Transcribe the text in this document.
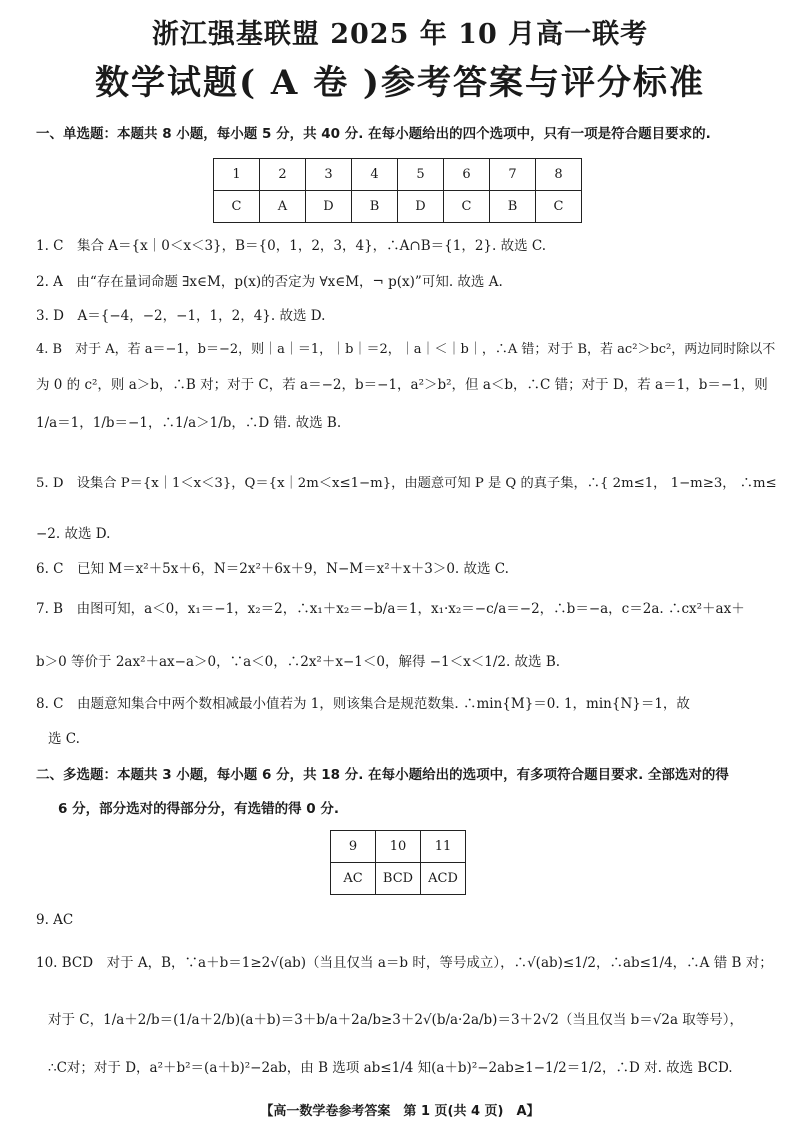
浙江强基联盟 2025 年 10 月高一联考
数学试题( A 卷 )参考答案与评分标准
一、单选题：本题共 8 小题，每小题 5 分，共 40 分. 在每小题给出的四个选项中，只有一项是符合题目要求的.
1	2	3	4	5	6	7	8
C	A	D	B	D	C	B	C
1. C　集合 A＝{x｜0＜x＜3}，B＝{0，1，2，3，4}，∴A∩B＝{1，2}. 故选 C.
2. A　由“存在量词命题 ∃x∈M，p(x)的否定为 ∀x∈M，¬ p(x)”可知. 故选 A.
3. D　A＝{−4，−2，−1，1，2，4}. 故选 D.
4. B　对于 A，若 a＝−1，b＝−2，则｜a｜＝1，｜b｜＝2，｜a｜＜｜b｜，∴A 错；对于 B，若 ac²＞bc²，两边同时除以不
为 0 的 c²，则 a＞b，∴B 对；对于 C，若 a＝−2，b＝−1，a²＞b²，但 a＜b，∴C 错；对于 D，若 a＝1，b＝−1，则
1/a＝1，1/b＝−1，∴1/a＞1/b，∴D 错. 故选 B.
5. D　设集合 P＝{x｜1＜x＜3}，Q＝{x｜2m＜x≤1−m}，由题意可知 P 是 Q 的真子集，∴{ 2m≤1， 1−m≥3， ∴m≤
−2. 故选 D.
6. C　已知 M＝x²＋5x＋6，N＝2x²＋6x＋9，N−M＝x²＋x＋3＞0. 故选 C.
7. B　由图可知，a＜0，x₁＝−1，x₂＝2，∴x₁＋x₂＝−b/a＝1，x₁·x₂＝−c/a＝−2，∴b＝−a，c＝2a. ∴cx²＋ax＋
b＞0 等价于 2ax²＋ax−a＞0，∵a＜0，∴2x²＋x−1＜0，解得 −1＜x＜1/2. 故选 B.
8. C　由题意知集合中两个数相减最小值若为 1，则该集合是规范数集. ∴min{M}＝0. 1，min{N}＝1，故
选 C.
二、多选题：本题共 3 小题，每小题 6 分，共 18 分. 在每小题给出的选项中，有多项符合题目要求. 全部选对的得
6 分，部分选对的得部分分，有选错的得 0 分.
9	10	11
AC	BCD	ACD
9. AC
10. BCD　对于 A，B，∵a＋b＝1≥2√(ab)（当且仅当 a＝b 时，等号成立），∴√(ab)≤1/2，∴ab≤1/4，∴A 错 B 对；
对于 C，1/a＋2/b＝(1/a＋2/b)(a＋b)＝3＋b/a＋2a/b≥3＋2√(b/a·2a/b)＝3＋2√2（当且仅当 b＝√2a 取等号），
∴C对；对于 D，a²＋b²＝(a＋b)²−2ab，由 B 选项 ab≤1/4 知(a＋b)²−2ab≥1−1/2＝1/2，∴D 对. 故选 BCD.
【高一数学卷参考答案　第 1 页(共 4 页)　A】
